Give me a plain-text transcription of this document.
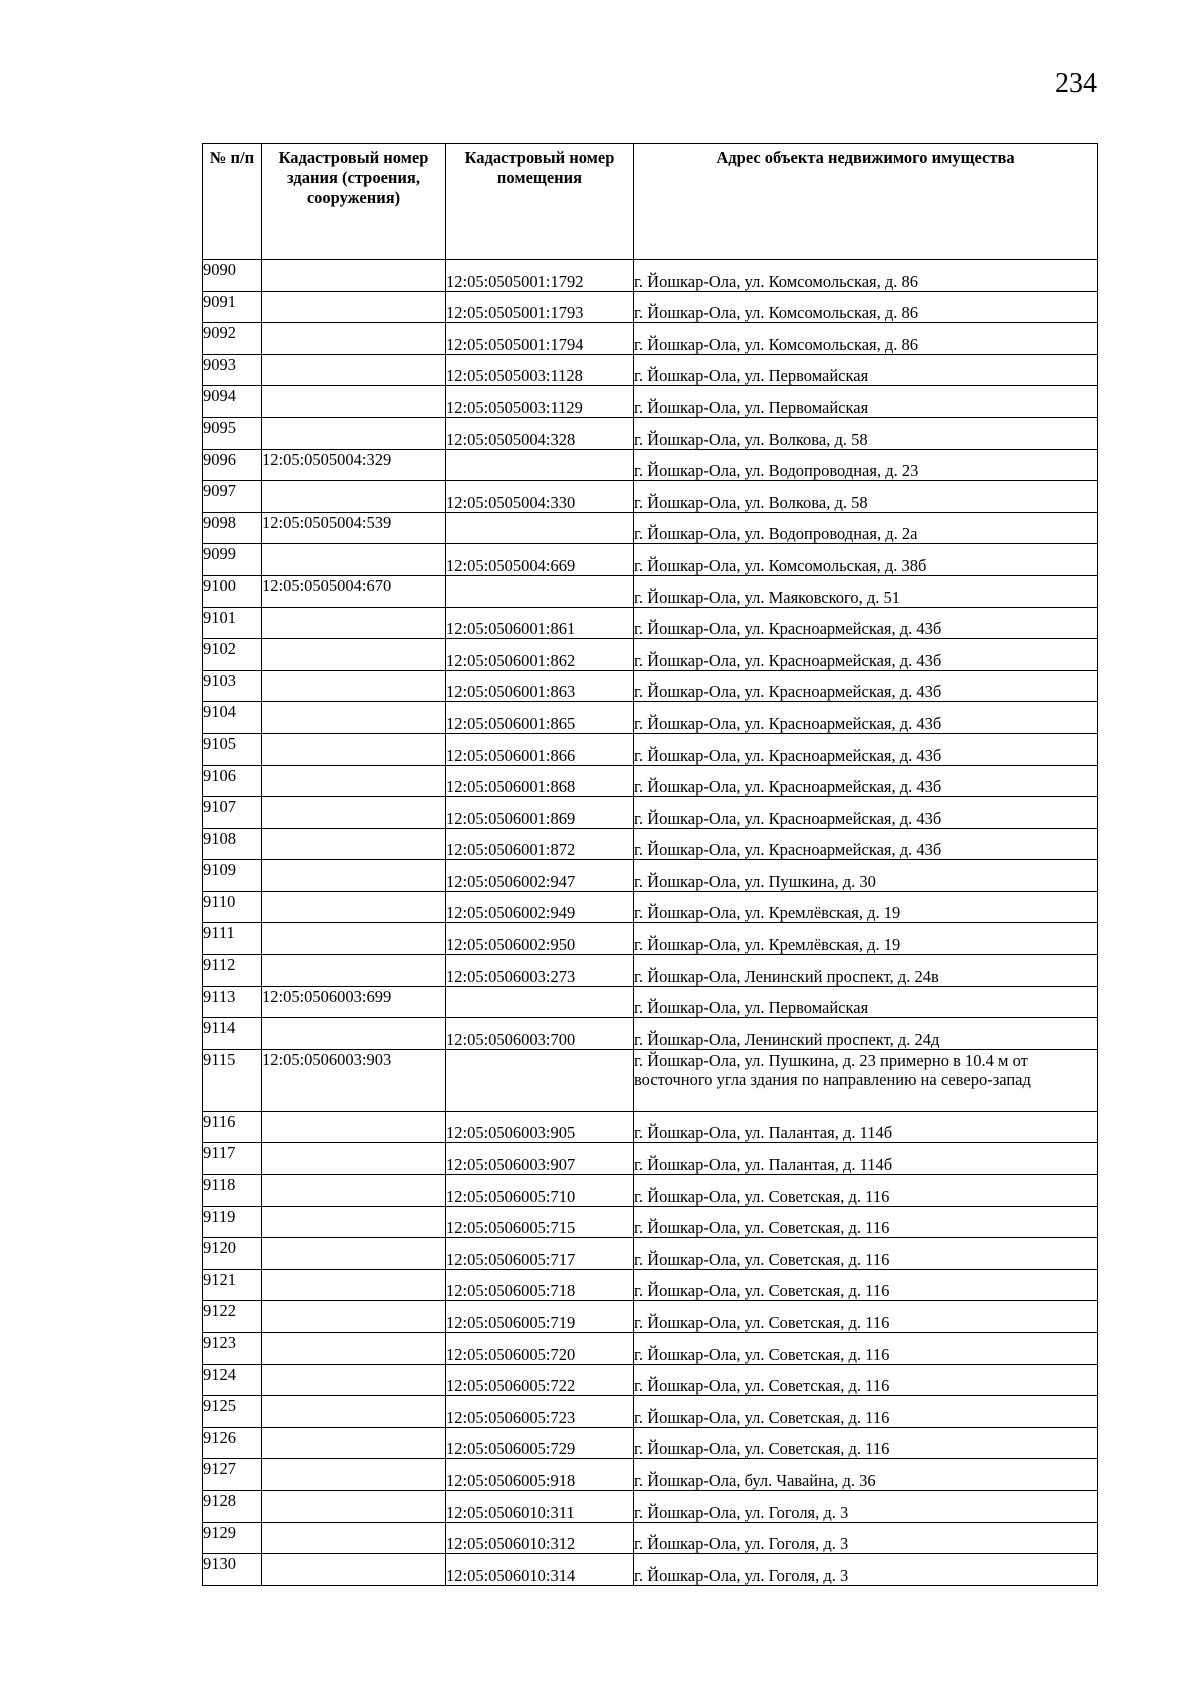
234
№ п/п	Кадастровый номер здания (строения, сооружения)	Кадастровый номер помещения	Адрес объекта недвижимого имущества
9090		12:05:0505001:1792	г. Йошкар-Ола, ул. Комсомольская, д. 86
9091		12:05:0505001:1793	г. Йошкар-Ола, ул. Комсомольская, д. 86
9092		12:05:0505001:1794	г. Йошкар-Ола, ул. Комсомольская, д. 86
9093		12:05:0505003:1128	г. Йошкар-Ола, ул. Первомайская
9094		12:05:0505003:1129	г. Йошкар-Ола, ул. Первомайская
9095		12:05:0505004:328	г. Йошкар-Ола, ул. Волкова, д. 58
9096	12:05:0505004:329		г. Йошкар-Ола, ул. Водопроводная, д. 23
9097		12:05:0505004:330	г. Йошкар-Ола, ул. Волкова, д. 58
9098	12:05:0505004:539		г. Йошкар-Ола, ул. Водопроводная, д. 2а
9099		12:05:0505004:669	г. Йошкар-Ола, ул. Комсомольская, д. 38б
9100	12:05:0505004:670		г. Йошкар-Ола, ул. Маяковского, д. 51
9101		12:05:0506001:861	г. Йошкар-Ола, ул. Красноармейская, д. 43б
9102		12:05:0506001:862	г. Йошкар-Ола, ул. Красноармейская, д. 43б
9103		12:05:0506001:863	г. Йошкар-Ола, ул. Красноармейская, д. 43б
9104		12:05:0506001:865	г. Йошкар-Ола, ул. Красноармейская, д. 43б
9105		12:05:0506001:866	г. Йошкар-Ола, ул. Красноармейская, д. 43б
9106		12:05:0506001:868	г. Йошкар-Ола, ул. Красноармейская, д. 43б
9107		12:05:0506001:869	г. Йошкар-Ола, ул. Красноармейская, д. 43б
9108		12:05:0506001:872	г. Йошкар-Ола, ул. Красноармейская, д. 43б
9109		12:05:0506002:947	г. Йошкар-Ола, ул. Пушкина, д. 30
9110		12:05:0506002:949	г. Йошкар-Ола, ул. Кремлёвская, д. 19
9111		12:05:0506002:950	г. Йошкар-Ола, ул. Кремлёвская, д. 19
9112		12:05:0506003:273	г. Йошкар-Ола, Ленинский проспект, д. 24в
9113	12:05:0506003:699		г. Йошкар-Ола, ул. Первомайская
9114		12:05:0506003:700	г. Йошкар-Ола, Ленинский проспект, д. 24д
9115	12:05:0506003:903		г. Йошкар-Ола, ул. Пушкина, д. 23 примерно в 10.4 м от восточного угла здания по направлению на северо-запад
9116		12:05:0506003:905	г. Йошкар-Ола, ул. Палантая, д. 114б
9117		12:05:0506003:907	г. Йошкар-Ола, ул. Палантая, д. 114б
9118		12:05:0506005:710	г. Йошкар-Ола, ул. Советская, д. 116
9119		12:05:0506005:715	г. Йошкар-Ола, ул. Советская, д. 116
9120		12:05:0506005:717	г. Йошкар-Ола, ул. Советская, д. 116
9121		12:05:0506005:718	г. Йошкар-Ола, ул. Советская, д. 116
9122		12:05:0506005:719	г. Йошкар-Ола, ул. Советская, д. 116
9123		12:05:0506005:720	г. Йошкар-Ола, ул. Советская, д. 116
9124		12:05:0506005:722	г. Йошкар-Ола, ул. Советская, д. 116
9125		12:05:0506005:723	г. Йошкар-Ола, ул. Советская, д. 116
9126		12:05:0506005:729	г. Йошкар-Ола, ул. Советская, д. 116
9127		12:05:0506005:918	г. Йошкар-Ола, бул. Чавайна, д. 36
9128		12:05:0506010:311	г. Йошкар-Ола, ул. Гоголя, д. 3
9129		12:05:0506010:312	г. Йошкар-Ола, ул. Гоголя, д. 3
9130		12:05:0506010:314	г. Йошкар-Ола, ул. Гоголя, д. 3
